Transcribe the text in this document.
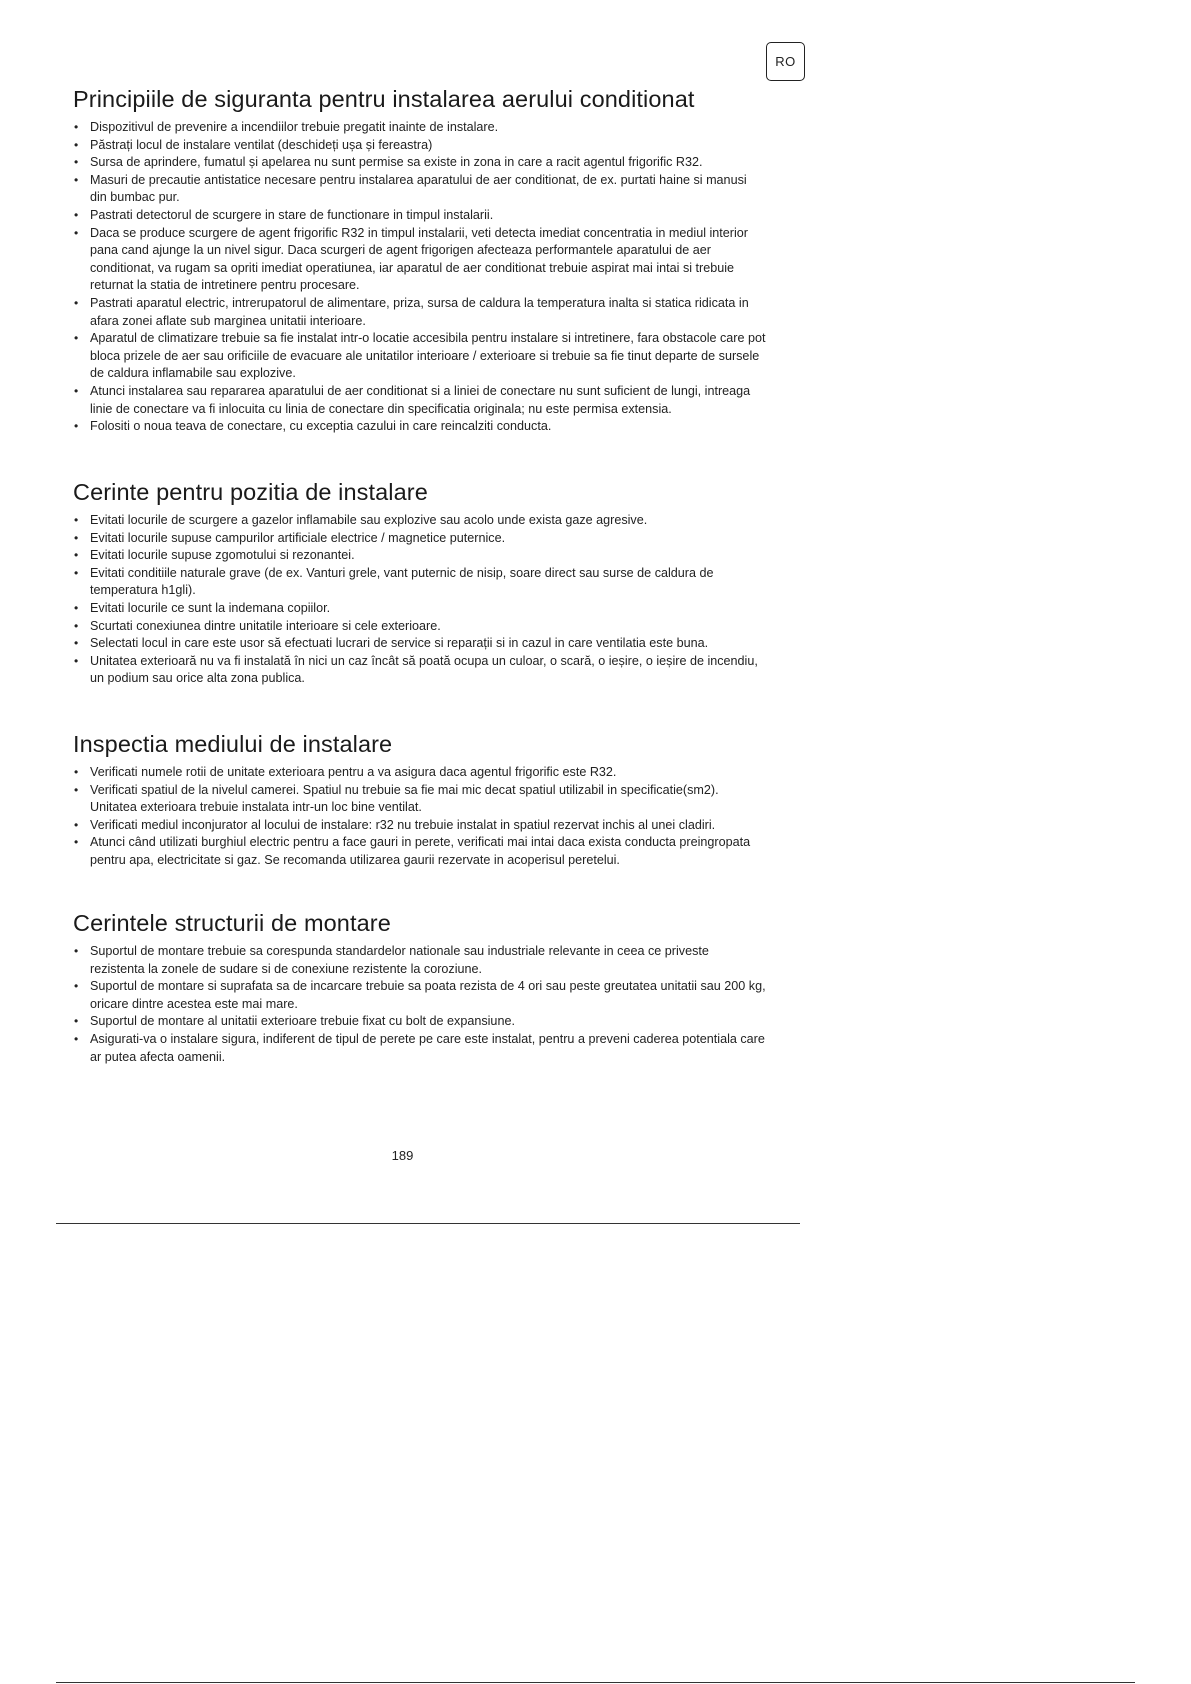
RO
Principiile de siguranta pentru instalarea aerului conditionat
• Dispozitivul de prevenire a incendiilor trebuie pregatit inainte de instalare.
• Păstrați locul de instalare ventilat (deschideți ușa și fereastra)
• Sursa de aprindere, fumatul și apelarea nu sunt permise sa existe in zona in care a racit agentul frigorific R32.
• Masuri de precautie antistatice necesare pentru instalarea aparatului de aer conditionat, de ex. purtati haine si manusi din bumbac pur.
• Pastrati detectorul de scurgere in stare de functionare in timpul instalarii.
• Daca se produce scurgere de agent frigorific R32 in timpul instalarii, veti detecta imediat concentratia in mediul interior pana cand ajunge la un nivel sigur. Daca scurgeri de agent frigorigen afecteaza performantele aparatului de aer conditionat, va rugam sa opriti imediat operatiunea, iar aparatul de aer conditionat trebuie aspirat mai intai si trebuie returnat la statia de intretinere pentru procesare.
• Pastrati aparatul electric, intrerupatorul de alimentare, priza, sursa de caldura la temperatura inalta si statica ridicata in afara zonei aflate sub marginea unitatii interioare.
• Aparatul de climatizare trebuie sa fie instalat intr-o locatie accesibila pentru instalare si intretinere, fara obstacole care pot bloca prizele de aer sau orificiile de evacuare ale unitatilor interioare / exterioare si trebuie sa fie tinut departe de sursele de caldura inflamabile sau explozive.
• Atunci instalarea sau repararea aparatului de aer conditionat si a liniei de conectare nu sunt suficient de lungi, intreaga linie de conectare va fi inlocuita cu linia de conectare din specificatia originala; nu este permisa extensia.
• Folositi o noua teava de conectare, cu exceptia cazului in care reincalziti conducta.
Cerinte pentru pozitia de instalare
• Evitati locurile de scurgere a gazelor inflamabile sau explozive sau acolo unde exista gaze agresive.
• Evitati locurile supuse campurilor artificiale electrice / magnetice puternice.
• Evitati locurile supuse zgomotului si rezonantei.
• Evitati conditiile naturale grave (de ex. Vanturi grele, vant puternic de nisip, soare direct sau surse de caldura de temperatura h1gli).
• Evitati locurile ce sunt la indemana copiilor.
• Scurtati conexiunea dintre unitatile interioare si cele exterioare.
• Selectati locul in care este usor să efectuati lucrari de service si reparații si in cazul in care ventilatia este buna.
• Unitatea exterioară nu va fi instalată în nici un caz încât să poată ocupa un culoar, o scară, o ieșire, o ieșire de incendiu, un podium sau orice alta zona publica.
Inspectia mediului de instalare
• Verificati numele rotii de unitate exterioara pentru a va asigura daca agentul frigorific este R32.
• Verificati spatiul de la nivelul camerei. Spatiul nu trebuie sa fie mai mic decat spatiul utilizabil in specificatie(sm2). Unitatea exterioara trebuie instalata intr-un loc bine ventilat.
• Verificati mediul inconjurator al locului de instalare: r32 nu trebuie instalat in spatiul rezervat inchis al unei cladiri.
• Atunci când utilizati burghiul electric pentru a face gauri in perete, verificati mai intai daca exista conducta preingropata pentru apa, electricitate si gaz. Se recomanda utilizarea gaurii rezervate in acoperisul peretelui.
Cerintele structurii de montare
• Suportul de montare trebuie sa corespunda standardelor nationale sau industriale relevante in ceea ce priveste rezistenta la zonele de sudare si de conexiune rezistente la coroziune.
• Suportul de montare si suprafata sa de incarcare trebuie sa poata rezista de 4 ori sau peste greutatea unitatii sau 200 kg, oricare dintre acestea este mai mare.
• Suportul de montare al unitatii exterioare trebuie fixat cu bolt de expansiune.
• Asigurati-va o instalare sigura, indiferent de tipul de perete pe care este instalat, pentru a preveni caderea potentiala care ar putea afecta oamenii.
189
